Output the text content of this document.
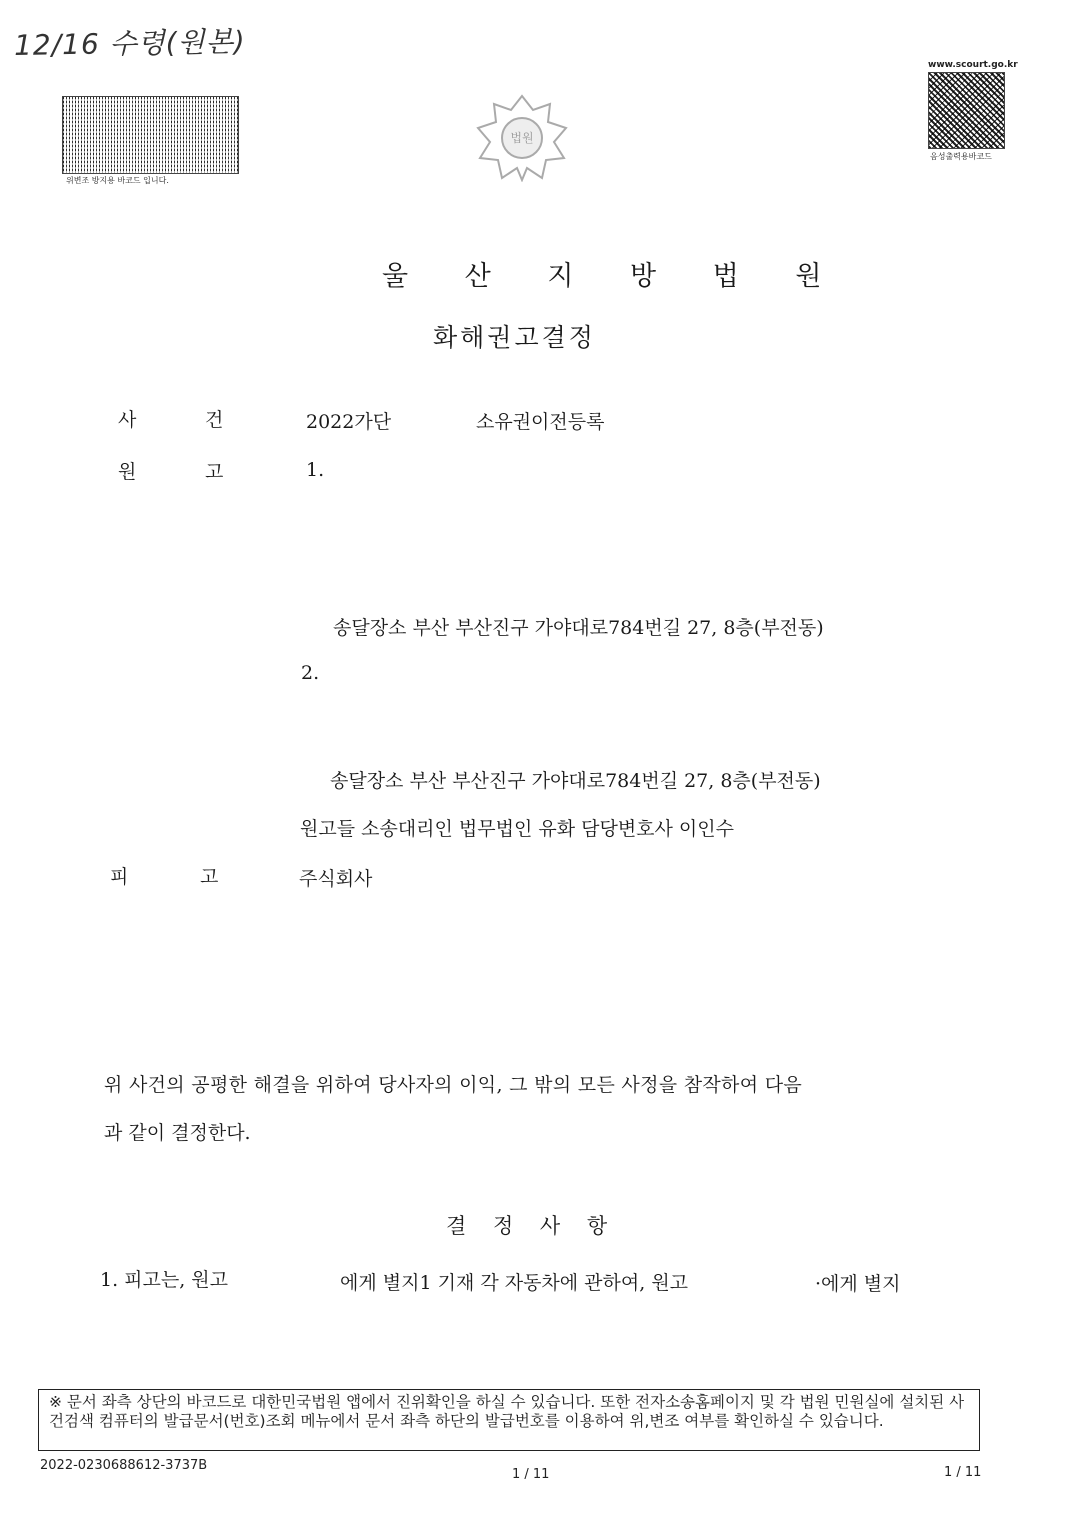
12/16 수령(원본)
위변조 방지용 바코드 입니다.
법원
www.scourt.go.kr
음성출력용바코드
울 산 지 방 법 원
화해권고결정
사	건	2022가단	소유권이전등록
원	고	1.
송달장소 부산 부산진구 가야대로784번길 27, 8층(부전동)
2.
송달장소 부산 부산진구 가야대로784번길 27, 8층(부전동)
원고들 소송대리인 법무법인 유화 담당변호사 이인수
피	고	주식회사
위 사건의 공평한 해결을 위하여 당사자의 이익, 그 밖의 모든 사정을 참작하여 다음
과 같이 결정한다.
결 정 사 항
1. 피고는, 원고	에게 별지1 기재 각 자동차에 관하여, 원고	·에게 별지
※ 문서 좌측 상단의 바코드로 대한민국법원 앱에서 진위확인을 하실 수 있습니다. 또한 전자소송홈페이지 및 각 법원 민원실에 설치된 사건검색 컴퓨터의 발급문서(번호)조회 메뉴에서 문서 좌측 하단의 발급번호를 이용하여 위,변조 여부를 확인하실 수 있습니다.
2022-0230688612-3737B
1 / 11	1 / 11
